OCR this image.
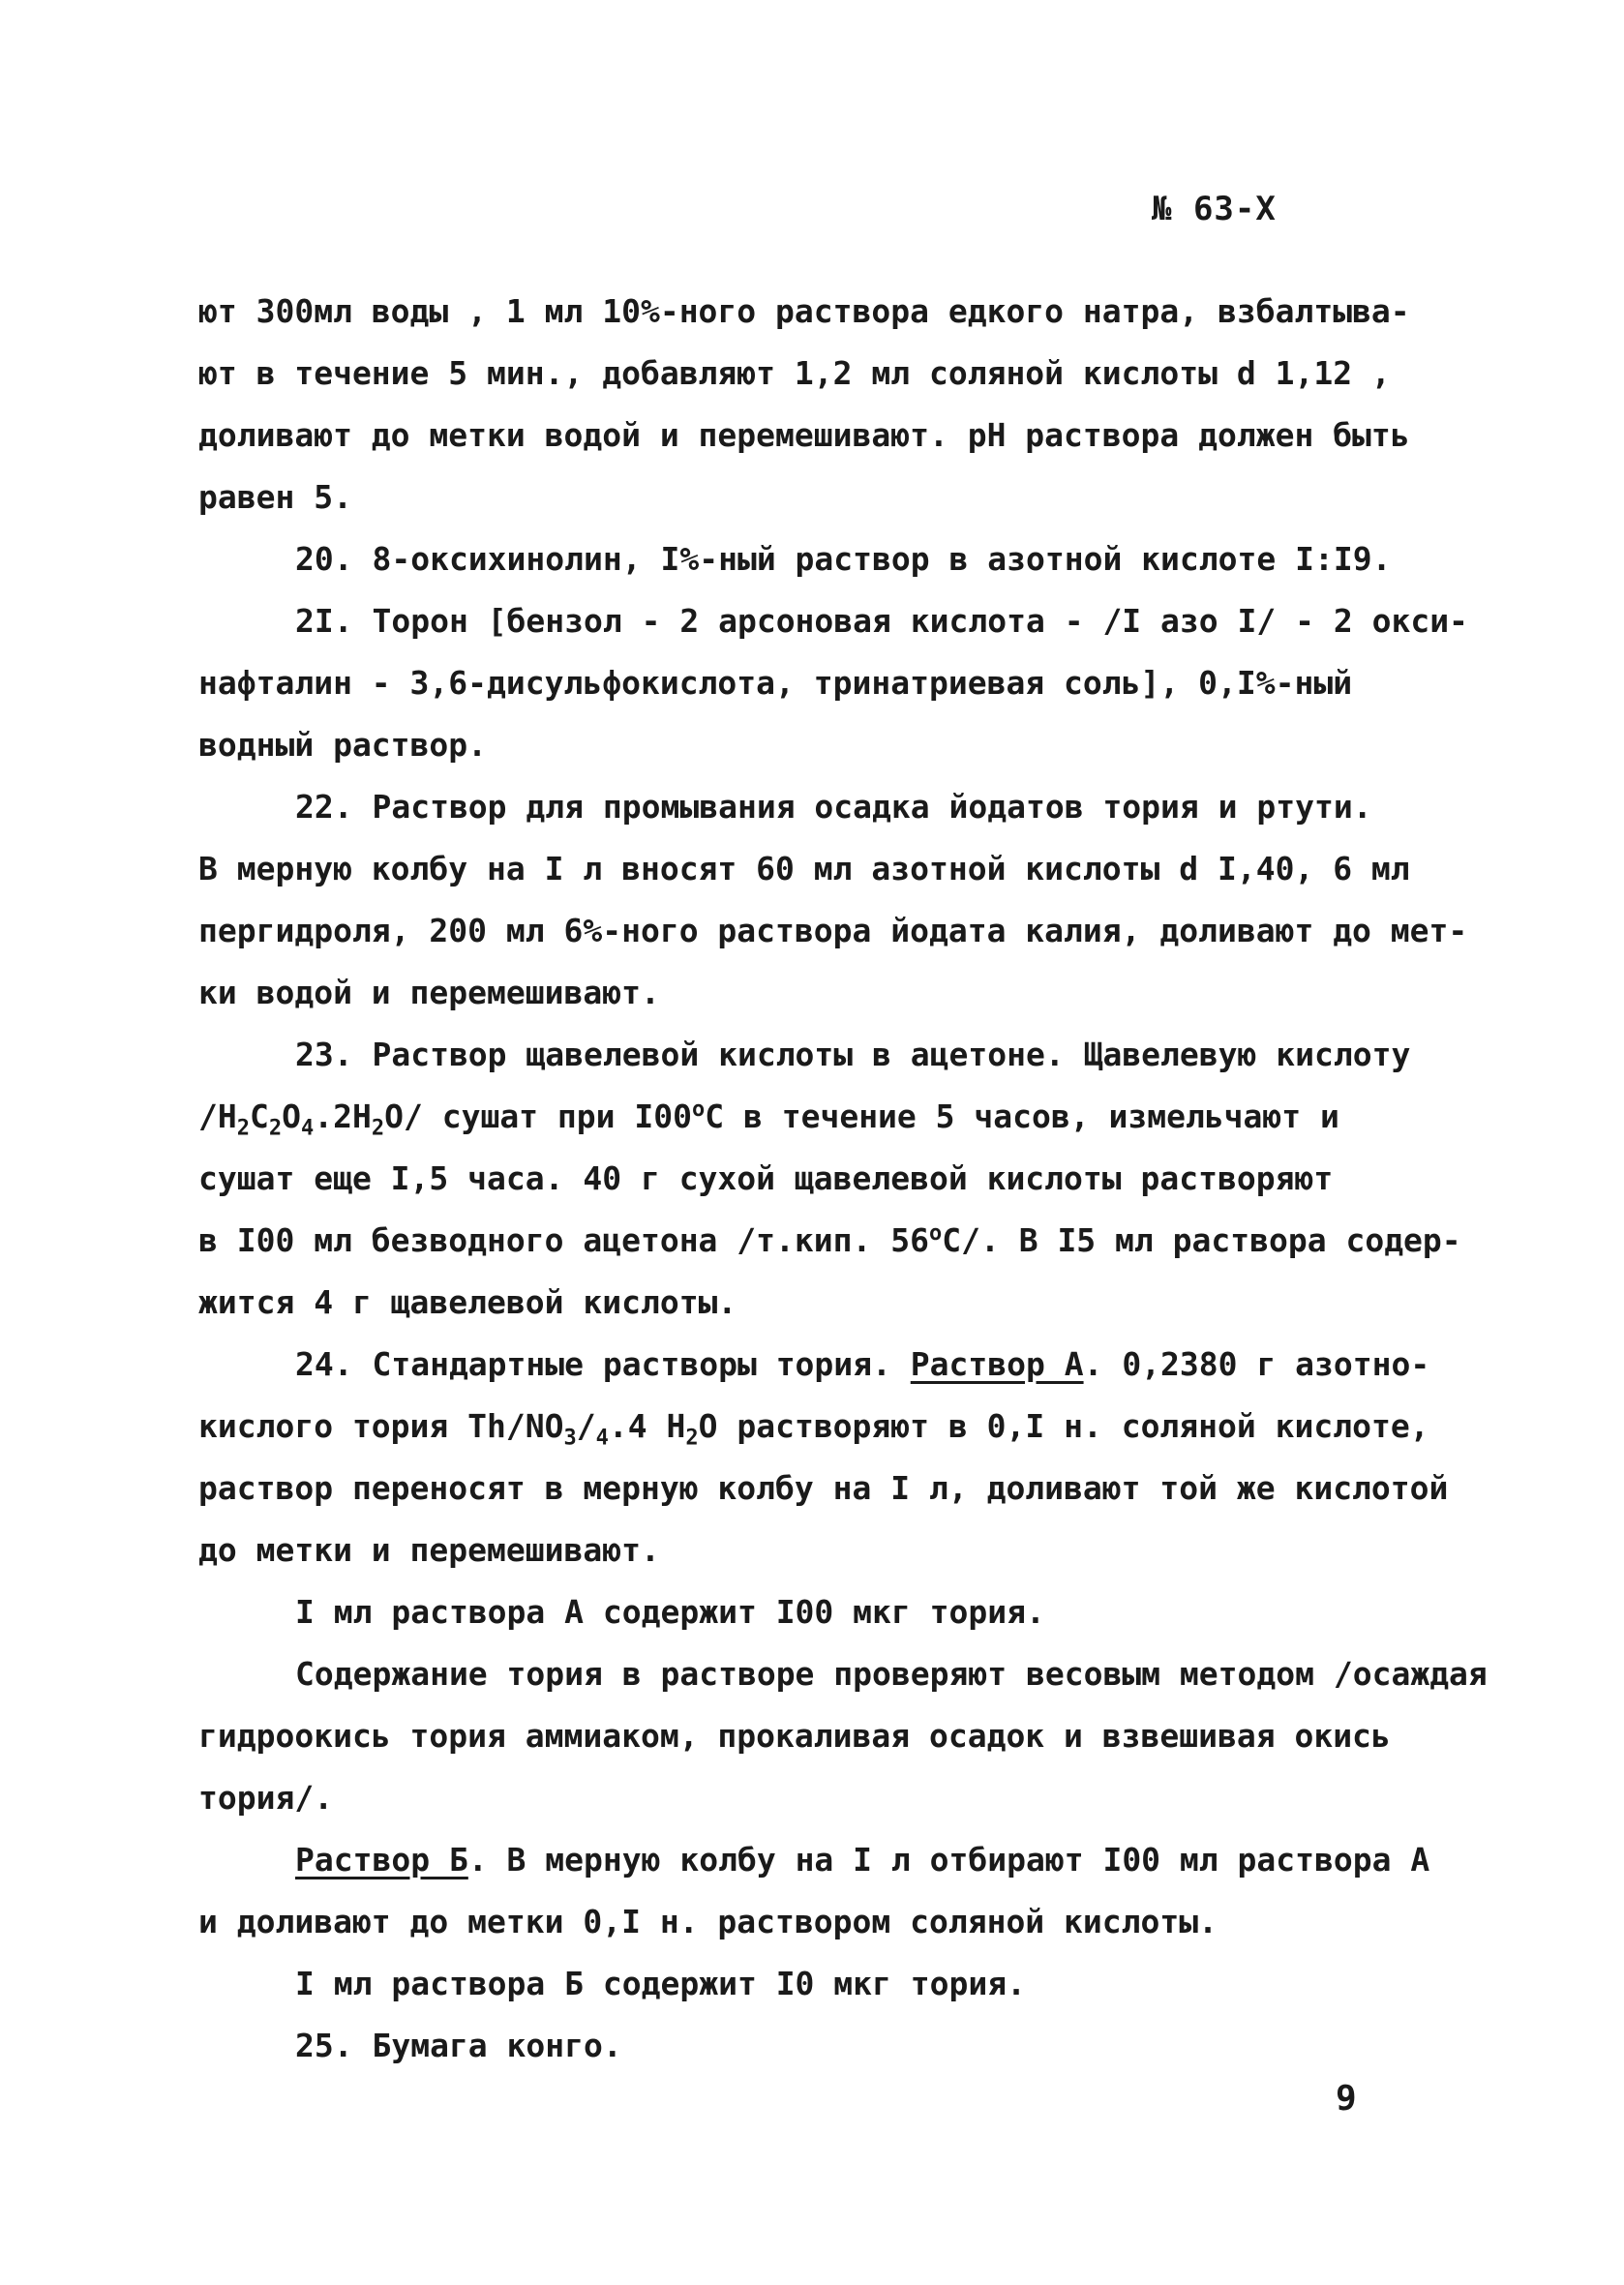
№ 63-Х
ют 300мл воды , 1 мл 10%-ного раствора едкого натра, взбалтыва-
ют в течение 5 мин., добавляют 1,2 мл соляной кислоты d 1,12 ,
доливают до метки водой и перемешивают. pH раствора должен быть
равен 5.
20. 8-оксихинолин, I%-ный раствор в азотной кислоте I:I9.
2I. Торон [бензол - 2 арсоновая кислота - /I азо I/ - 2 окси-
нафталин - 3,6-дисульфокислота, тринатриевая соль], 0,I%-ный
водный раствор.
22. Раствор для промывания осадка йодатов тория и ртути.
В мерную колбу на I л вносят 60 мл азотной кислоты d I,40, 6 мл
пергидроля, 200 мл 6%-ного раствора йодата калия, доливают до мет-
ки водой и перемешивают.
23. Раствор щавелевой кислоты в ацетоне. Щавелевую кислоту
$/H_2C_2O_4.2H_2O/$ сушат при I00$^o$C в течение 5 часов, измельчают и
сушат еще I,5 часа. 40 г сухой щавелевой кислоты растворяют
в I00 мл безводного ацетона /т.кип. 56$^o$С/. В I5 мл раствора содер-
жится 4 г щавелевой кислоты.
24. Стандартные растворы тория. Раствор А. 0,2380 г азотно-
кислого тория $Th/NO_3/_4.4$ $H_2O$ растворяют в 0,I н. соляной кислоте,
раствор переносят в мерную колбу на I л, доливают той же кислотой
до метки и перемешивают.
I мл раствора А содержит I00 мкг тория.
Содержание тория в растворе проверяют весовым методом /осаждая
гидроокись тория аммиаком, прокаливая осадок и взвешивая окись
тория/.
Раствор Б. В мерную колбу на I л отбирают I00 мл раствора А
и доливают до метки 0,I н. раствором соляной кислоты.
I мл раствора Б содержит I0 мкг тория.
25. Бумага конго.
9
